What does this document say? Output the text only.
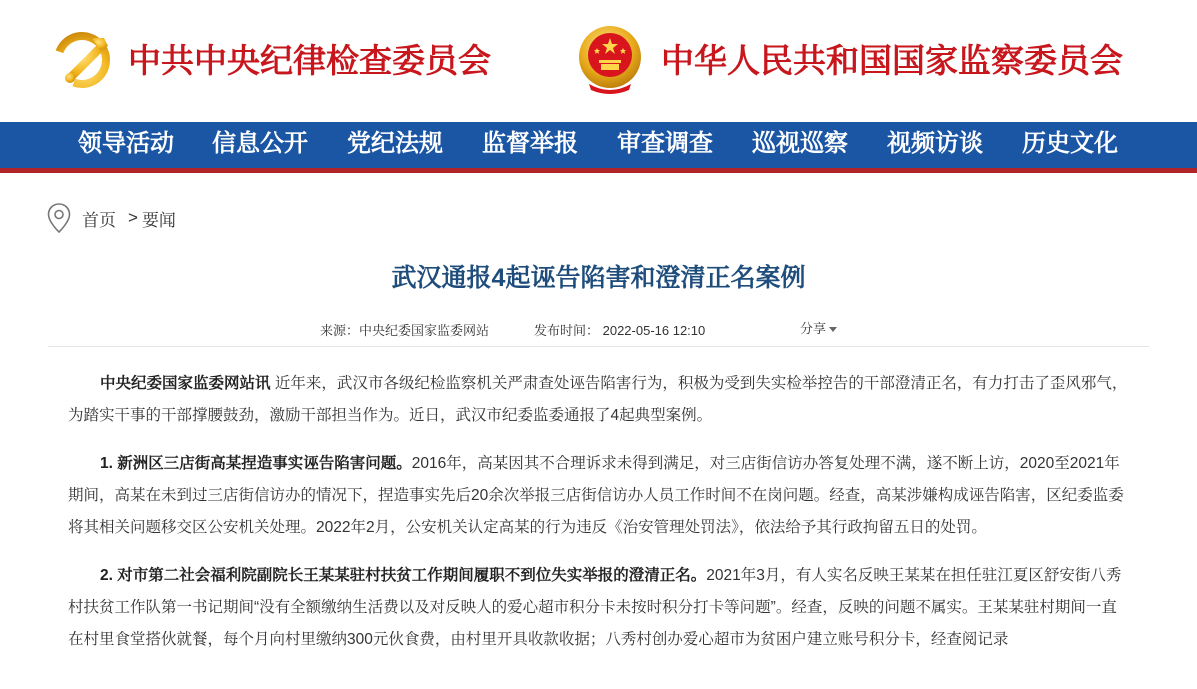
中共中央纪律检查委员会	中华人民共和国国家监察委员会
领导活动 信息公开 党纪法规 监督举报 审查调查 巡视巡察 视频访谈 历史文化
首页 > 要闻
武汉通报4起诬告陷害和澄清正名案例
来源：中央纪委国家监委网站	发布时间： 2022-05-16 12:10	分享

中央纪委国家监委网站讯 近年来，武汉市各级纪检监察机关严肃查处诬告陷害行为，积极为受到失实检举控告的干部澄清正名，有力打击了歪风邪气，为踏实干事的干部撑腰鼓劲，激励干部担当作为。近日，武汉市纪委监委通报了4起典型案例。

1. 新洲区三店街高某捏造事实诬告陷害问题。2016年，高某因其不合理诉求未得到满足，对三店街信访办答复处理不满，遂不断上访，2020至2021年期间，高某在未到过三店街信访办的情况下，捏造事实先后20余次举报三店街信访办人员工作时间不在岗问题。经查，高某涉嫌构成诬告陷害，区纪委监委将其相关问题移交区公安机关处理。2022年2月，公安机关认定高某的行为违反《治安管理处罚法》，依法给予其行政拘留五日的处罚。

2. 对市第二社会福利院副院长王某某驻村扶贫工作期间履职不到位失实举报的澄清正名。2021年3月，有人实名反映王某某在担任驻江夏区舒安街八秀村扶贫工作队第一书记期间“没有全额缴纳生活费以及对反映人的爱心超市积分卡未按时积分打卡等问题”。经查，反映的问题不属实。王某某驻村期间一直在村里食堂搭伙就餐，每个月向村里缴纳300元伙食费，由村里开具收款收据；八秀村创办爱心超市为贫困户建立账号积分卡，经查阅记录
